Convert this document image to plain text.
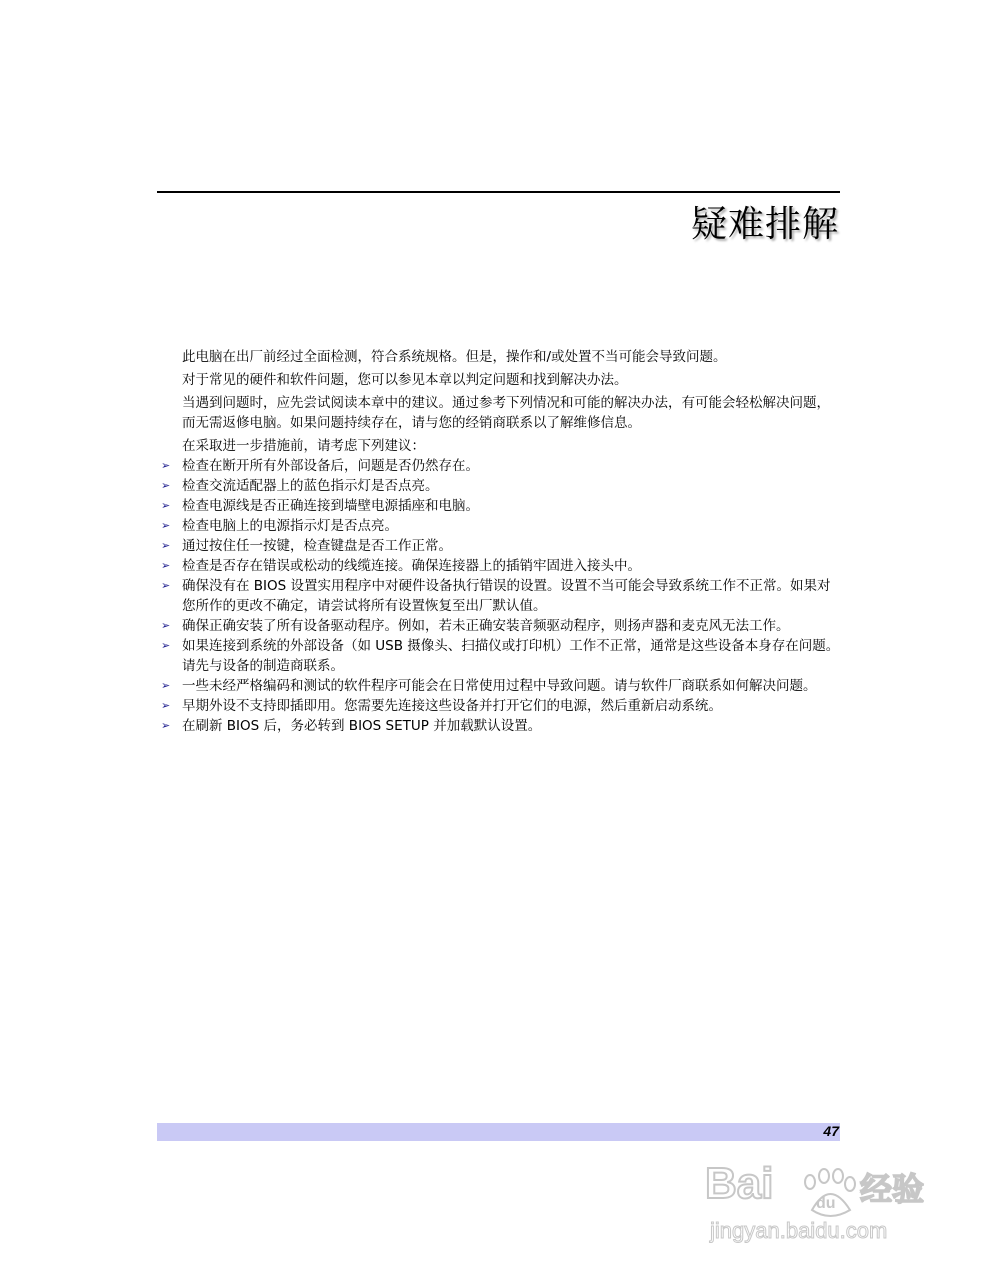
疑难排解

此电脑在出厂前经过全面检测，符合系统规格。但是，操作和/或处置不当可能会导致问题。

对于常见的硬件和软件问题，您可以参见本章以判定问题和找到解决办法。

当遇到问题时，应先尝试阅读本章中的建议。通过参考下列情况和可能的解决办法，有可能会轻松解决问题，而无需返修电脑。如果问题持续存在，请与您的经销商联系以了解维修信息。

在采取进一步措施前，请考虑下列建议：

➢ 检查在断开所有外部设备后，问题是否仍然存在。
➢ 检查交流适配器上的蓝色指示灯是否点亮。
➢ 检查电源线是否正确连接到墙壁电源插座和电脑。
➢ 检查电脑上的电源指示灯是否点亮。
➢ 通过按住任一按键，检查键盘是否工作正常。
➢ 检查是否存在错误或松动的线缆连接。确保连接器上的插销牢固进入接头中。
➢ 确保没有在 BIOS 设置实用程序中对硬件设备执行错误的设置。设置不当可能会导致系统工作不正常。如果对您所作的更改不确定，请尝试将所有设置恢复至出厂默认值。
➢ 确保正确安装了所有设备驱动程序。例如，若未正确安装音频驱动程序，则扬声器和麦克风无法工作。
➢ 如果连接到系统的外部设备（如 USB 摄像头、扫描仪或打印机）工作不正常，通常是这些设备本身存在问题。请先与设备的制造商联系。
➢ 一些未经严格编码和测试的软件程序可能会在日常使用过程中导致问题。请与软件厂商联系如何解决问题。
➢ 早期外设不支持即插即用。您需要先连接这些设备并打开它们的电源，然后重新启动系统。
➢ 在刷新 BIOS 后，务必转到 BIOS SETUP 并加载默认设置。
47
Bai	du 经验
jingyan.baidu.com
